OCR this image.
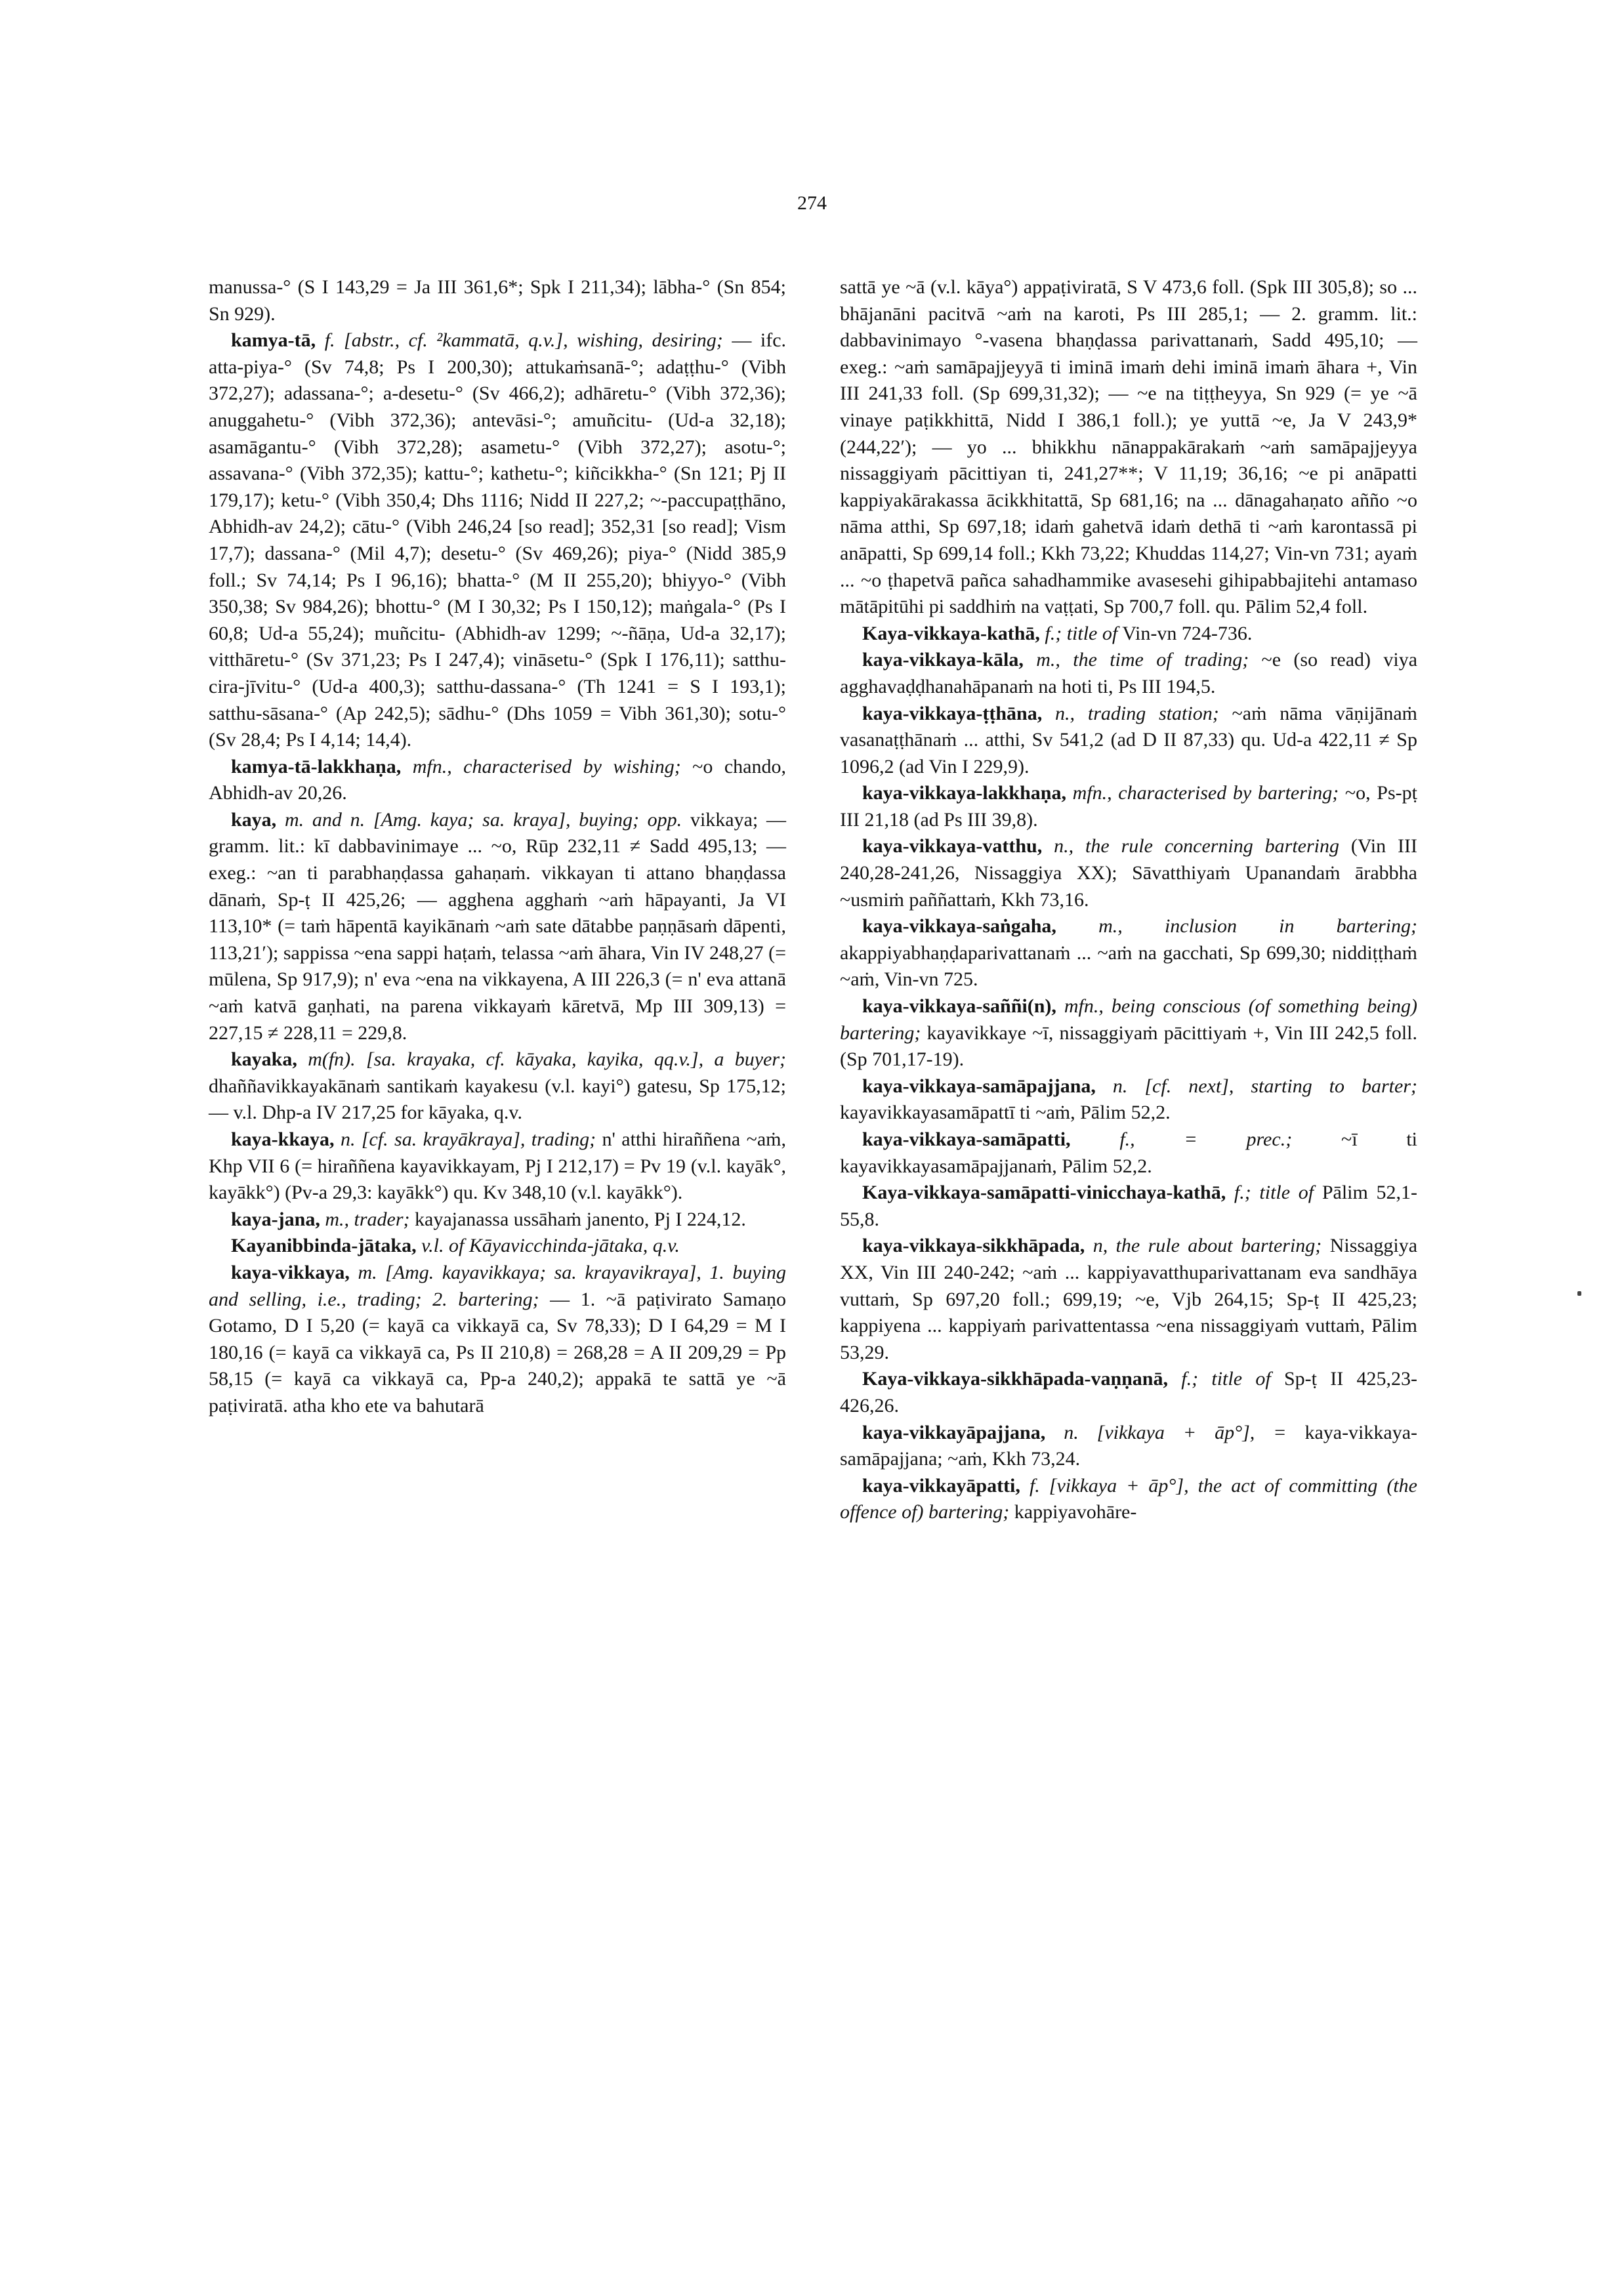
274

manussa-° (S I 143,29 = Ja III 361,6*; Spk I 211,34); lābha-° (Sn 854; Sn 929).

kamya-tā, f. [abstr., cf. ²kammatā, q.v.], wishing, desiring; — ifc. atta-piya-° (Sv 74,8; Ps I 200,30); attukaṁsanā-°; adaṭṭhu-° (Vibh 372,27); adassana-°; a-desetu-° (Sv 466,2); adhāretu-° (Vibh 372,36); anuggahetu-° (Vibh 372,36); antevāsi-°; amuñcitu- (Ud-a 32,18); asamāgantu-° (Vibh 372,28); asametu-° (Vibh 372,27); asotu-°; assavana-° (Vibh 372,35); kattu-°; kathetu-°; kiñcikkha-° (Sn 121; Pj II 179,17); ketu-° (Vibh 350,4; Dhs 1116; Nidd II 227,2; ~-paccupaṭṭhāno, Abhidh-av 24,2); cātu-° (Vibh 246,24 [so read]; 352,31 [so read]; Vism 17,7); dassana-° (Mil 4,7); desetu-° (Sv 469,26); piya-° (Nidd 385,9 foll.; Sv 74,14; Ps I 96,16); bhatta-° (M II 255,20); bhiyyo-° (Vibh 350,38; Sv 984,26); bhottu-° (M I 30,32; Ps I 150,12); maṅgala-° (Ps I 60,8; Ud-a 55,24); muñcitu- (Abhidh-av 1299; ~-ñāṇa, Ud-a 32,17); vitthāretu-° (Sv 371,23; Ps I 247,4); vināsetu-° (Spk I 176,11); satthu-cira-jīvitu-° (Ud-a 400,3); satthu-dassana-° (Th 1241 = S I 193,1); satthu-sāsana-° (Ap 242,5); sādhu-° (Dhs 1059 = Vibh 361,30); sotu-° (Sv 28,4; Ps I 4,14; 14,4).

kamya-tā-lakkhaṇa, mfn., characterised by wishing; ~o chando, Abhidh-av 20,26.

kaya, m. and n. [Amg. kaya; sa. kraya], buying; opp. vikkaya; — gramm. lit.: kī dabbavinimaye ... ~o, Rūp 232,11 ≠ Sadd 495,13; — exeg.: ~an ti parabhaṇḍassa gahaṇaṁ. vikkayan ti attano bhaṇḍassa dānaṁ, Sp-ṭ II 425,26; — agghena agghaṁ ~aṁ hāpayanti, Ja VI 113,10* (= taṁ hāpentā kayikānaṁ ~aṁ sate dātabbe paṇṇāsaṁ dāpenti, 113,21′); sappissa ~ena sappi haṭaṁ, telassa ~aṁ āhara, Vin IV 248,27 (= mūlena, Sp 917,9); n' eva ~ena na vikkayena, A III 226,3 (= n' eva attanā ~aṁ katvā gaṇhati, na parena vikkayaṁ kāretvā, Mp III 309,13) = 227,15 ≠ 228,11 = 229,8.

kayaka, m(fn). [sa. krayaka, cf. kāyaka, kayika, qq.v.], a buyer; dhaññavikkayakānaṁ santikaṁ kayakesu (v.l. kayi°) gatesu, Sp 175,12; — v.l. Dhp-a IV 217,25 for kāyaka, q.v.

kaya-kkaya, n. [cf. sa. krayākraya], trading; n' atthi hiraññena ~aṁ, Khp VII 6 (= hiraññena kayavikkayam, Pj I 212,17) = Pv 19 (v.l. kayāk°, kayākk°) (Pv-a 29,3: kayākk°) qu. Kv 348,10 (v.l. kayākk°).

kaya-jana, m., trader; kayajanassa ussāhaṁ janento, Pj I 224,12.

Kayanibbinda-jātaka, v.l. of Kāyavicchinda-jātaka, q.v.

kaya-vikkaya, m. [Amg. kayavikkaya; sa. krayavikraya], 1. buying and selling, i.e., trading; 2. bartering; — 1. ~ā paṭivirato Samaṇo Gotamo, D I 5,20 (= kayā ca vikkayā ca, Sv 78,33); D I 64,29 = M I 180,16 (= kayā ca vikkayā ca, Ps II 210,8) = 268,28 = A II 209,29 = Pp 58,15 (= kayā ca vikkayā ca, Pp-a 240,2); appakā te sattā ye ~ā paṭiviratā. atha kho ete va bahutarā

sattā ye ~ā (v.l. kāya°) appaṭiviratā, S V 473,6 foll. (Spk III 305,8); so ... bhājanāni pacitvā ~aṁ na karoti, Ps III 285,1; — 2. gramm. lit.: dabbavinimayo °-vasena bhaṇḍassa parivattanaṁ, Sadd 495,10; — exeg.: ~aṁ samāpajjeyyā ti iminā imaṁ dehi iminā imaṁ āhara +, Vin III 241,33 foll. (Sp 699,31,32); — ~e na tiṭṭheyya, Sn 929 (= ye ~ā vinaye paṭikkhittā, Nidd I 386,1 foll.); ye yuttā ~e, Ja V 243,9* (244,22′); — yo ... bhikkhu nānappakārakaṁ ~aṁ samāpajjeyya nissaggiyaṁ pācittiyan ti, 241,27**; V 11,19; 36,16; ~e pi anāpatti kappiyakārakassa ācikkhitattā, Sp 681,16; na ... dānagahaṇato añño ~o nāma atthi, Sp 697,18; idaṁ gahetvā idaṁ dethā ti ~aṁ karontassā pi anāpatti, Sp 699,14 foll.; Kkh 73,22; Khuddas 114,27; Vin-vn 731; ayaṁ ... ~o ṭhapetvā pañca sahadhammike avasesehi gihipabbajitehi antamaso mātāpitūhi pi saddhiṁ na vaṭṭati, Sp 700,7 foll. qu. Pālim 52,4 foll.

Kaya-vikkaya-kathā, f.; title of Vin-vn 724-736.

kaya-vikkaya-kāla, m., the time of trading; ~e (so read) viya agghavaḍḍhanahāpanaṁ na hoti ti, Ps III 194,5.

kaya-vikkaya-ṭṭhāna, n., trading station; ~aṁ nāma vāṇijānaṁ vasanaṭṭhānaṁ ... atthi, Sv 541,2 (ad D II 87,33) qu. Ud-a 422,11 ≠ Sp 1096,2 (ad Vin I 229,9).

kaya-vikkaya-lakkhaṇa, mfn., characterised by bartering; ~o, Ps-pṭ III 21,18 (ad Ps III 39,8).

kaya-vikkaya-vatthu, n., the rule concerning bartering (Vin III 240,28-241,26, Nissaggiya XX); Sāvatthiyaṁ Upanandaṁ ārabbha ~usmiṁ paññattaṁ, Kkh 73,16.

kaya-vikkaya-saṅgaha, m., inclusion in bartering; akappiyabhaṇḍaparivattanaṁ ... ~aṁ na gacchati, Sp 699,30; niddiṭṭhaṁ ~aṁ, Vin-vn 725.

kaya-vikkaya-saññi(n), mfn., being conscious (of something being) bartering; kayavikkaye ~ī, nissaggiyaṁ pācittiyaṁ +, Vin III 242,5 foll. (Sp 701,17-19).

kaya-vikkaya-samāpajjana, n. [cf. next], starting to barter; kayavikkayasamāpattī ti ~aṁ, Pālim 52,2.

kaya-vikkaya-samāpatti, f., = prec.; ~ī ti kayavikkayasamāpajjanaṁ, Pālim 52,2.

Kaya-vikkaya-samāpatti-vinicchaya-kathā, f.; title of Pālim 52,1-55,8.

kaya-vikkaya-sikkhāpada, n, the rule about bartering; Nissaggiya XX, Vin III 240-242; ~aṁ ... kappiyavatthuparivattanam eva sandhāya vuttaṁ, Sp 697,20 foll.; 699,19; ~e, Vjb 264,15; Sp-ṭ II 425,23; kappiyena ... kappiyaṁ parivattentassa ~ena nissaggiyaṁ vuttaṁ, Pālim 53,29.

Kaya-vikkaya-sikkhāpada-vaṇṇanā, f.; title of Sp-ṭ II 425,23-426,26.

kaya-vikkayāpajjana, n. [vikkaya + āp°], = kaya-vikkaya-samāpajjana; ~aṁ, Kkh 73,24.

kaya-vikkayāpatti, f. [vikkaya + āp°], the act of committing (the offence of) bartering; kappiyavohāre-
